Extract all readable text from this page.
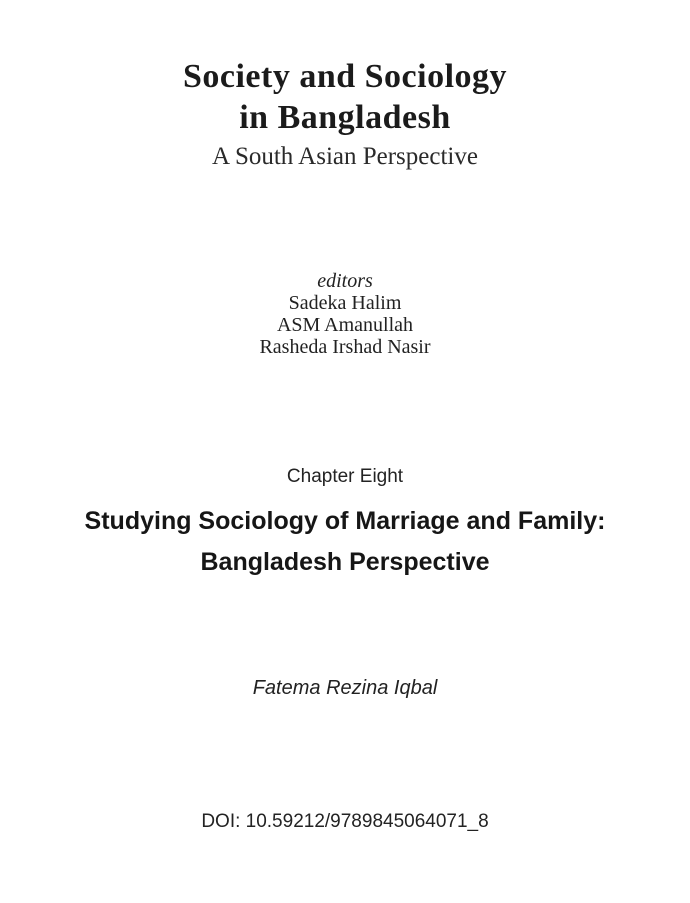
Society and Sociology
in Bangladesh
A South Asian Perspective
editors
Sadeka Halim
ASM Amanullah
Rasheda Irshad Nasir
Chapter Eight
Studying Sociology of Marriage and Family:
Bangladesh Perspective
Fatema Rezina Iqbal
DOI: 10.59212/9789845064071_8
